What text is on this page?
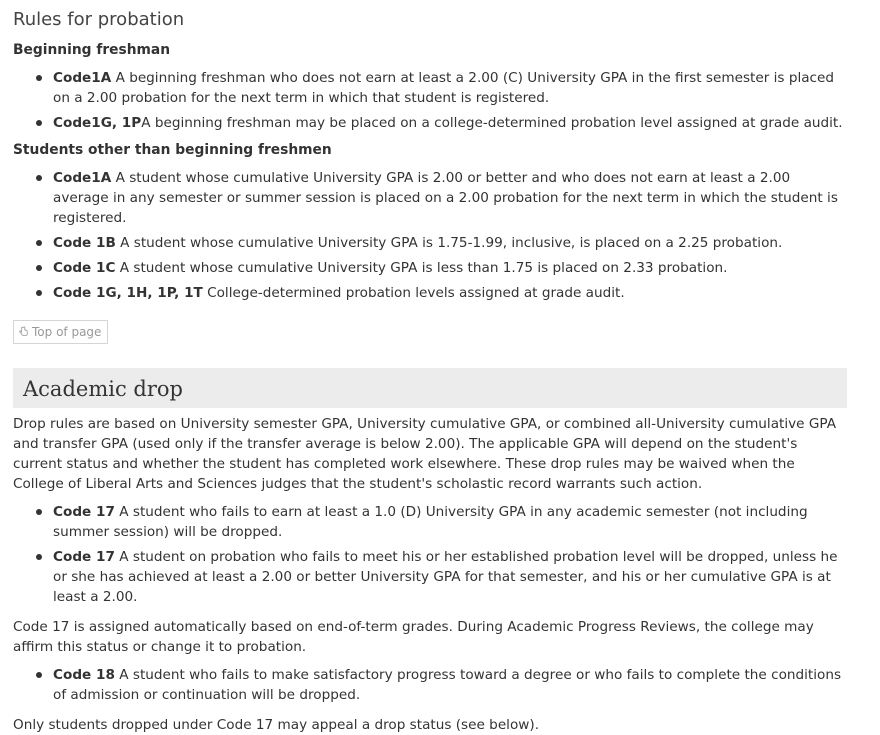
Rules for probation
Beginning freshman
Code1A A beginning freshman who does not earn at least a 2.00 (C) University GPA in the first semester is placed on a 2.00 probation for the next term in which that student is registered.
Code1G, 1PA beginning freshman may be placed on a college-determined probation level assigned at grade audit.
Students other than beginning freshmen
Code1A A student whose cumulative University GPA is 2.00 or better and who does not earn at least a 2.00 average in any semester or summer session is placed on a 2.00 probation for the next term in which the student is registered.
Code 1B A student whose cumulative University GPA is 1.75-1.99, inclusive, is placed on a 2.25 probation.
Code 1C A student whose cumulative University GPA is less than 1.75 is placed on 2.33 probation.
Code 1G, 1H, 1P, 1T College-determined probation levels assigned at grade audit.
Top of page
Academic drop

Drop rules are based on University semester GPA, University cumulative GPA, or combined all-University cumulative GPA and transfer GPA (used only if the transfer average is below 2.00). The applicable GPA will depend on the student's current status and whether the student has completed work elsewhere. These drop rules may be waived when the College of Liberal Arts and Sciences judges that the student's scholastic record warrants such action.

Code 17 A student who fails to earn at least a 1.0 (D) University GPA in any academic semester (not including summer session) will be dropped.
Code 17 A student on probation who fails to meet his or her established probation level will be dropped, unless he or she has achieved at least a 2.00 or better University GPA for that semester, and his or her cumulative GPA is at least a 2.00.

Code 17 is assigned automatically based on end-of-term grades. During Academic Progress Reviews, the college may affirm this status or change it to probation.

Code 18 A student who fails to make satisfactory progress toward a degree or who fails to complete the conditions of admission or continuation will be dropped.

Only students dropped under Code 17 may appeal a drop status (see below).
